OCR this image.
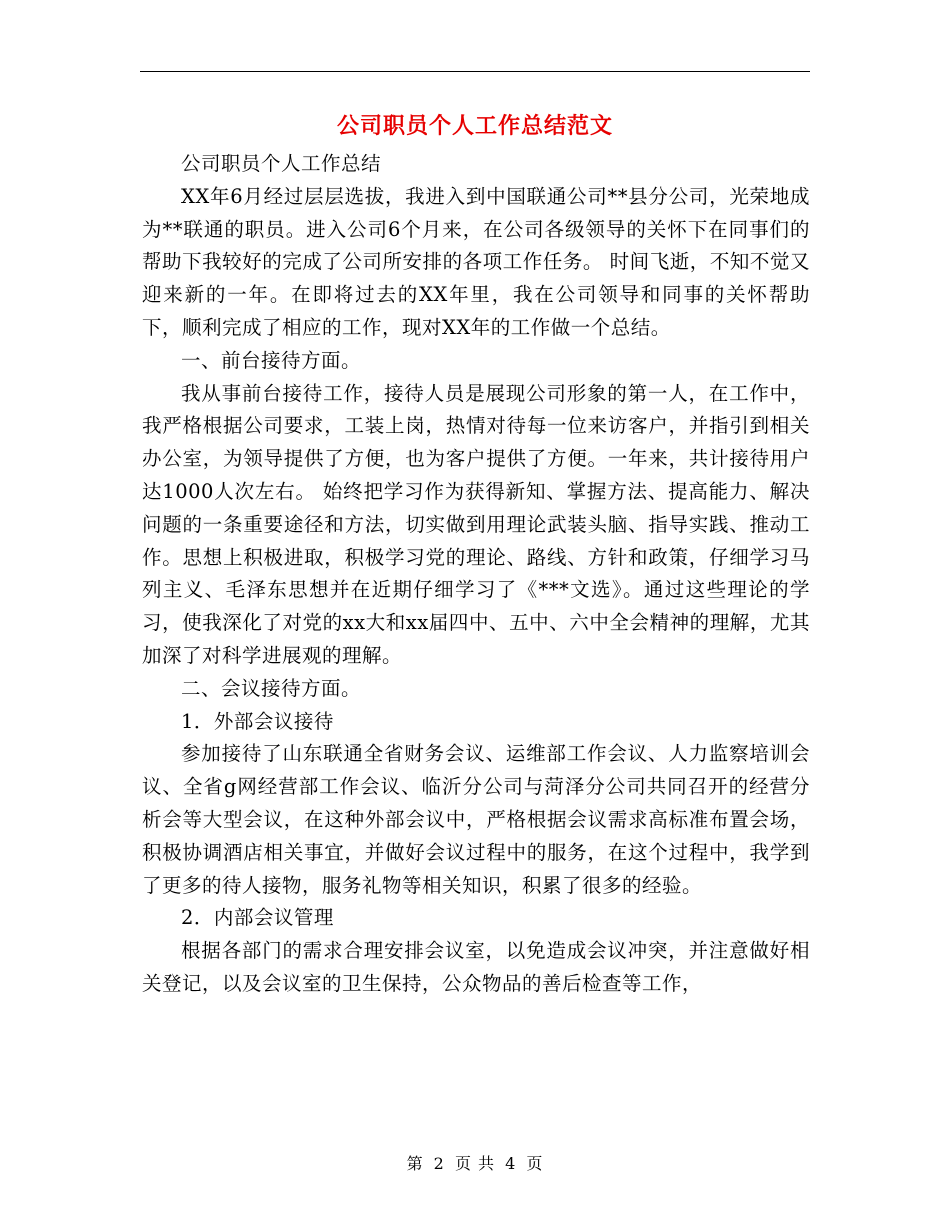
公司职员个人工作总结范文

公司职员个人工作总结

XX年6月经过层层选拔，我进入到中国联通公司**县分公司，光荣地成为**联通的职员。进入公司6个月来，在公司各级领导的关怀下在同事们的帮助下我较好的完成了公司所安排的各项工作任务。 时间飞逝，不知不觉又迎来新的一年。在即将过去的XX年里，我在公司领导和同事的关怀帮助下，顺利完成了相应的工作，现对XX年的工作做一个总结。

一、前台接待方面。

我从事前台接待工作，接待人员是展现公司形象的第一人，在工作中，我严格根据公司要求，工装上岗，热情对待每一位来访客户，并指引到相关办公室，为领导提供了方便，也为客户提供了方便。一年来，共计接待用户达1000人次左右。 始终把学习作为获得新知、掌握方法、提高能力、解决问题的一条重要途径和方法，切实做到用理论武装头脑、指导实践、推动工作。思想上积极进取，积极学习党的理论、路线、方针和政策，仔细学习马列主义、毛泽东思想并在近期仔细学习了《***文选》。通过这些理论的学习，使我深化了对党的xx大和xx届四中、五中、六中全会精神的理解，尤其加深了对科学进展观的理解。

二、会议接待方面。

1．外部会议接待

参加接待了山东联通全省财务会议、运维部工作会议、人力监察培训会议、全省g网经营部工作会议、临沂分公司与菏泽分公司共同召开的经营分析会等大型会议，在这种外部会议中，严格根据会议需求高标准布置会场，积极协调酒店相关事宜，并做好会议过程中的服务，在这个过程中，我学到了更多的待人接物，服务礼物等相关知识，积累了很多的经验。

2．内部会议管理

根据各部门的需求合理安排会议室，以免造成会议冲突，并注意做好相关登记，以及会议室的卫生保持，公众物品的善后检查等工作，

第 2 页 共 4 页
